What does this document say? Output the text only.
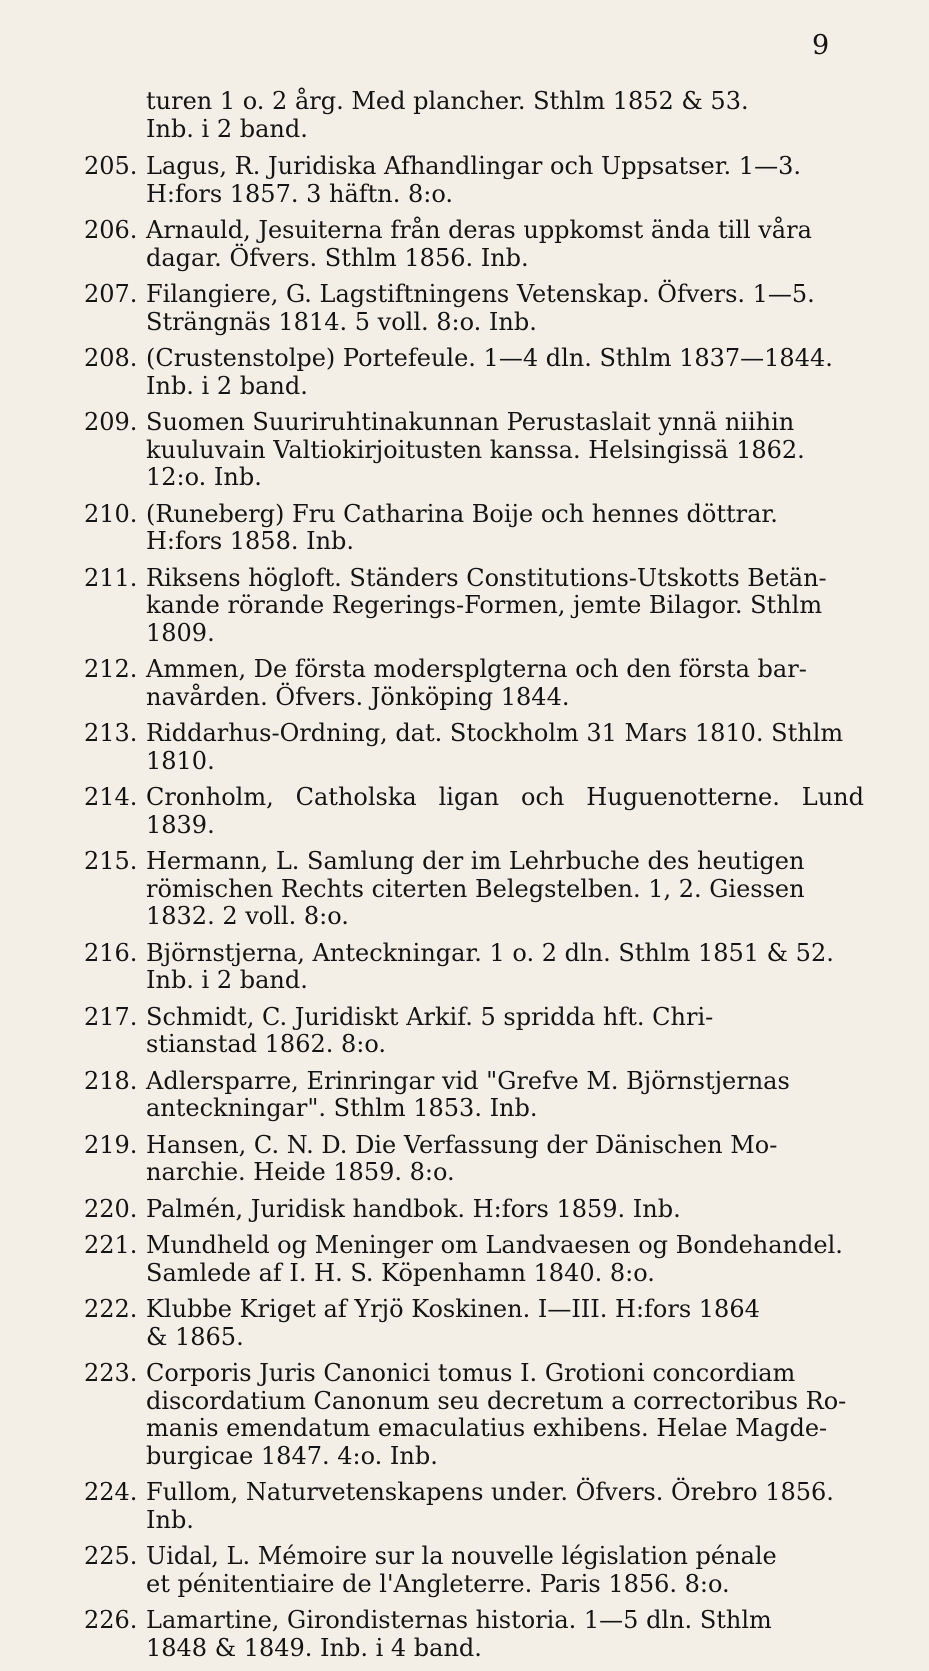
9
turen 1 o. 2 årg. Med plancher. Sthlm 1852 & 53.
Inb. i 2 band.
205. Lagus, R. Juridiska Afhandlingar och Uppsatser. 1—3.
H:fors 1857. 3 häftn. 8:o.
206. Arnauld, Jesuiterna från deras uppkomst ända till våra
dagar. Öfvers. Sthlm 1856. Inb.
207. Filangiere, G. Lagstiftningens Vetenskap. Öfvers. 1—5.
Strängnäs 1814. 5 voll. 8:o. Inb.
208. (Crustenstolpe) Portefeule. 1—4 dln. Sthlm 1837—1844.
Inb. i 2 band.
209. Suomen Suuriruhtinakunnan Perustaslait ynnä niihin
kuuluvain Valtiokirjoitusten kanssa. Helsingissä 1862.
12:o. Inb.
210. (Runeberg) Fru Catharina Boije och hennes döttrar.
H:fors 1858. Inb.
211. Riksens högloft. Ständers Constitutions-Utskotts Betän-
kande rörande Regerings-Formen, jemte Bilagor. Sthlm
1809.
212. Ammen, De första modersplgterna och den första bar-
navården. Öfvers. Jönköping 1844.
213. Riddarhus-Ordning, dat. Stockholm 31 Mars 1810. Sthlm
1810.
214. Cronholm, Catholska ligan och Huguenotterne. Lund 1839.
215. Hermann, L. Samlung der im Lehrbuche des heutigen
römischen Rechts citerten Belegstelben. 1, 2. Giessen
1832. 2 voll. 8:o.
216. Björnstjerna, Anteckningar. 1 o. 2 dln. Sthlm 1851 & 52.
Inb. i 2 band.
217. Schmidt, C. Juridiskt Arkif. 5 spridda hft. Chri-
stianstad 1862. 8:o.
218. Adlersparre, Erinringar vid "Grefve M. Björnstjernas
anteckningar". Sthlm 1853. Inb.
219. Hansen, C. N. D. Die Verfassung der Dänischen Mo-
narchie. Heide 1859. 8:o.
220. Palmén, Juridisk handbok. H:fors 1859. Inb.
221. Mundheld og Meninger om Landvaesen og Bondehandel.
Samlede af I. H. S. Köpenhamn 1840. 8:o.
222. Klubbe Kriget af Yrjö Koskinen. I—III. H:fors 1864
& 1865.
223. Corporis Juris Canonici tomus I. Grotioni concordiam
discordatium Canonum seu decretum a correctoribus Ro-
manis emendatum emaculatius exhibens. Helae Magde-
burgicae 1847. 4:o. Inb.
224. Fullom, Naturvetenskapens under. Öfvers. Örebro 1856.
Inb.
225. Uidal, L. Mémoire sur la nouvelle législation pénale
et pénitentiaire de l'Angleterre. Paris 1856. 8:o.
226. Lamartine, Girondisternas historia. 1—5 dln. Sthlm
1848 & 1849. Inb. i 4 band.
